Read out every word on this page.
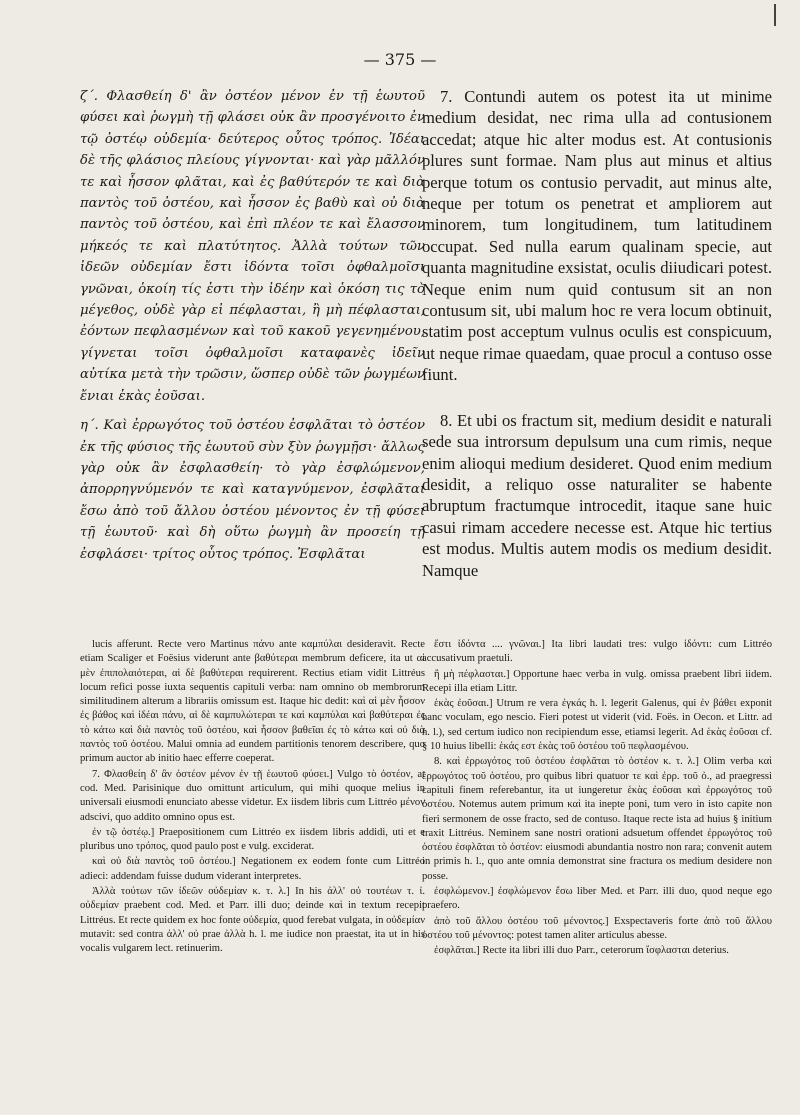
— 375 —

ζ΄. Φλασθείη δ' ἂν ὀστέον μένον ἐν τῇ ἑωυτοῦ φύσει καὶ ῥωγμὴ τῇ φλάσει οὐκ ἂν προσγένοιτο ἐν τῷ ὀστέῳ οὐδεμία· δεύτερος οὗτος τρόπος. Ἰδέαι δὲ τῆς φλάσιος πλείους γίγνονται· καὶ γὰρ μᾶλλόν τε καὶ ἧσσον φλᾶται, καὶ ἐς βαθύτερόν τε καὶ διὰ παντὸς τοῦ ὀστέου, καὶ ἧσσον ἐς βαθὺ καὶ οὐ διὰ παντὸς τοῦ ὀστέου, καὶ ἐπὶ πλέον τε καὶ ἔλασσον μήκεός τε καὶ πλατύτητος. Ἀλλὰ τούτων τῶν ἰδεῶν οὐδεμίαν ἔστι ἰδόντα τοῖσι ὀφθαλμοῖσι γνῶναι, ὁκοίη τίς ἐστι τὴν ἰδέην καὶ ὁκόση τις τὸ μέγεθος, οὐδὲ γὰρ εἰ πέφλασται, ἢ μὴ πέφλασται, ἐόντων πεφλασμένων καὶ τοῦ κακοῦ γεγενημένου, γίγνεται τοῖσι ὀφθαλμοῖσι καταφανὲς ἰδεῖν αὐτίκα μετὰ τὴν τρῶσιν, ὥσπερ οὐδὲ τῶν ῥωγμέων ἔνιαι ἑκὰς ἐοῦσαι.

η΄. Καὶ ἐρρωγότος τοῦ ὀστέου ἐσφλᾶται τὸ ὀστέον ἐκ τῆς φύσιος τῆς ἑωυτοῦ σὺν ξὺν ῥωγμῇσι· ἄλλως γὰρ οὐκ ἂν ἐσφλασθείη· τὸ γὰρ ἐσφλώμενον, ἀπορρηγνύμενόν τε καὶ καταγνύμενον, ἐσφλᾶται ἔσω ἀπὸ τοῦ ἄλλου ὀστέου μένοντος ἐν τῇ φύσει τῇ ἑωυτοῦ· καὶ δὴ οὕτω ῥωγμὴ ἂν προσείη τῇ ἐσφλάσει· τρίτος οὗτος τρόπος. Ἐσφλᾶται

7. Contundi autem os potest ita ut minime medium desidat, nec rima ulla ad contusionem accedat; atque hic alter modus est. At contusionis plures sunt formae. Nam plus aut minus et altius perque totum os contusio pervadit, aut minus alte, neque per totum os penetrat et ampliorem aut minorem, tum longitudinem, tum latitudinem occupat. Sed nulla earum qualinam specie, aut quanta magnitudine exsistat, oculis diiudicari potest. Neque enim num quid contusum sit an non contusum sit, ubi malum hoc re vera locum obtinuit, statim post acceptum vulnus oculis est conspicuum, ut neque rimae quaedam, quae procul a contuso osse fiunt.

8. Et ubi os fractum sit, medium desidit e naturali sede sua introrsum depulsum una cum rimis, neque enim alioqui medium desideret. Quod enim medium desidit, a reliquo osse naturaliter se habente abruptum fractumque introcedit, itaque sane huic casui rimam accedere necesse est. Atque hic tertius est modus. Multis autem modis os medium desidit. Namque

lucis afferunt. Recte vero Martinus πάνυ ante καμπύλαι desideravit. Recte etiam Scaliger et Foësius viderunt ante βαθύτεραι membrum deficere, ita ut αἱ μὲν ἐπιπολαιότεραι, αἱ δὲ βαθύτεραι requirerent. Rectius etiam vidit Littréus locum refici posse iuxta sequentis capituli verba: nam omnino ob membrorum similitudinem alterum a librariis omissum est. Itaque hic dedit: καὶ αἱ μὲν ἧσσον ἐς βάθος καὶ ἰδέαι πάνυ, αἱ δὲ καμπυλώτεραι τε καὶ καμπύλαι καὶ βαθύτεραι ἐς τὸ κάτω καὶ διὰ παντὸς τοῦ ὀστέου, καὶ ἧσσον βαθεῖαι ἐς τὸ κάτω καὶ οὐ διὰ παντὸς τοῦ ὀστέου. Malui omnia ad eundem partitionis tenorem describere, quo primum auctor ab initio haec efferre coeperat.

7. Φλασθείη δ' ἂν ὀστέον μένον ἐν τῇ ἑωυτοῦ φύσει.] Vulgo τὸ ὀστέον, at cod. Med. Parisinique duo omittunt articulum, qui mihi quoque melius in universali eiusmodi enunciato abesse videtur. Ex iisdem libris cum Littréo μένον adscivi, quo addito omnino opus est.

ἐν τῷ ὀστέῳ.] Praepositionem cum Littréo ex iisdem libris addidi, uti et e pluribus uno τρόπος, quod paulo post e vulg. exciderat.

καὶ οὐ διὰ παντὸς τοῦ ὀστέου.] Negationem ex eodem fonte cum Littréo adieci: addendam fuisse dudum viderant interpretes.

Ἀλλὰ τούτων τῶν ἰδεῶν οὐδεμίαν κ. τ. λ.] In his ἀλλ' οὐ τουτέων τ. ἰ. οὐδεμίαν praebent cod. Med. et Parr. illi duo; deinde καὶ in textum recepit Littréus. Et recte quidem ex hoc fonte οὐδεμία, quod ferebat vulgata, in οὐδεμίαν mutavit: sed contra ἀλλ' οὐ prae ἀλλὰ h. l. me iudice non praestat, ita ut in his vocalis vulgarem lect. retinuerim.

ἔστι ἰδόντα .... γνῶναι.] Ita libri laudati tres: vulgo ἰδόντι: cum Littréo accusativum praetuli.

ἢ μὴ πέφλασται.] Opportune haec verba in vulg. omissa praebent libri iidem. Recepi illa etiam Littr.

ἑκὰς ἐοῦσαι.] Utrum re vera ἐγκάς h. l. legerit Galenus, qui ἐν βάθει exponit hanc voculam, ego nescio. Fieri potest ut viderit (vid. Foës. in Oecon. et Littr. ad h. l.), sed certum iudico non recipiendum esse, etiamsi legerit. Ad ἑκὰς ἐοῦσαι cf. § 10 huius libelli: ἑκάς εστ ἑκὰς τοῦ ὀστέου τοῦ πεφλασμένου.

8. καὶ ἐρρωγότος τοῦ ὀστέου ἐσφλᾶται τὸ ὀστέον κ. τ. λ.] Olim verba καὶ ἐρρωγότος τοῦ ὀστέου, pro quibus libri quatuor τε καὶ ἐρρ. τοῦ ὀ., ad praegressi capituli finem referebantur, ita ut iungeretur ἑκὰς ἐοῦσαι καὶ ἐρρωγότος τοῦ ὀστέου. Notemus autem primum καὶ ita inepte poni, tum vero in isto capite non fieri sermonem de osse fracto, sed de contuso. Itaque recte ista ad huius § initium traxit Littréus. Neminem sane nostri orationi adsuetum offendet ἐρρωγότος τοῦ ὀστέου ἐσφλᾶται τὸ ὀστέον: eiusmodi abundantia nostro non rara; convenit autem in primis h. l., quo ante omnia demonstrat sine fractura os medium desidere non posse.

ἐσφλώμενον.] ἐσφλώμενον ἔσω liber Med. et Parr. illi duo, quod neque ego praefero.

ἀπὸ τοῦ ἄλλου ὀστέου τοῦ μένοντος.] Exspectaveris forte ἀπὸ τοῦ ἄλλου ὀστέου τοῦ μένοντος: potest tamen aliter articulus abesse.

ἐσφλᾶται.] Recte ita libri illi duo Parr., ceterorum ἴσφλασται deterius.
